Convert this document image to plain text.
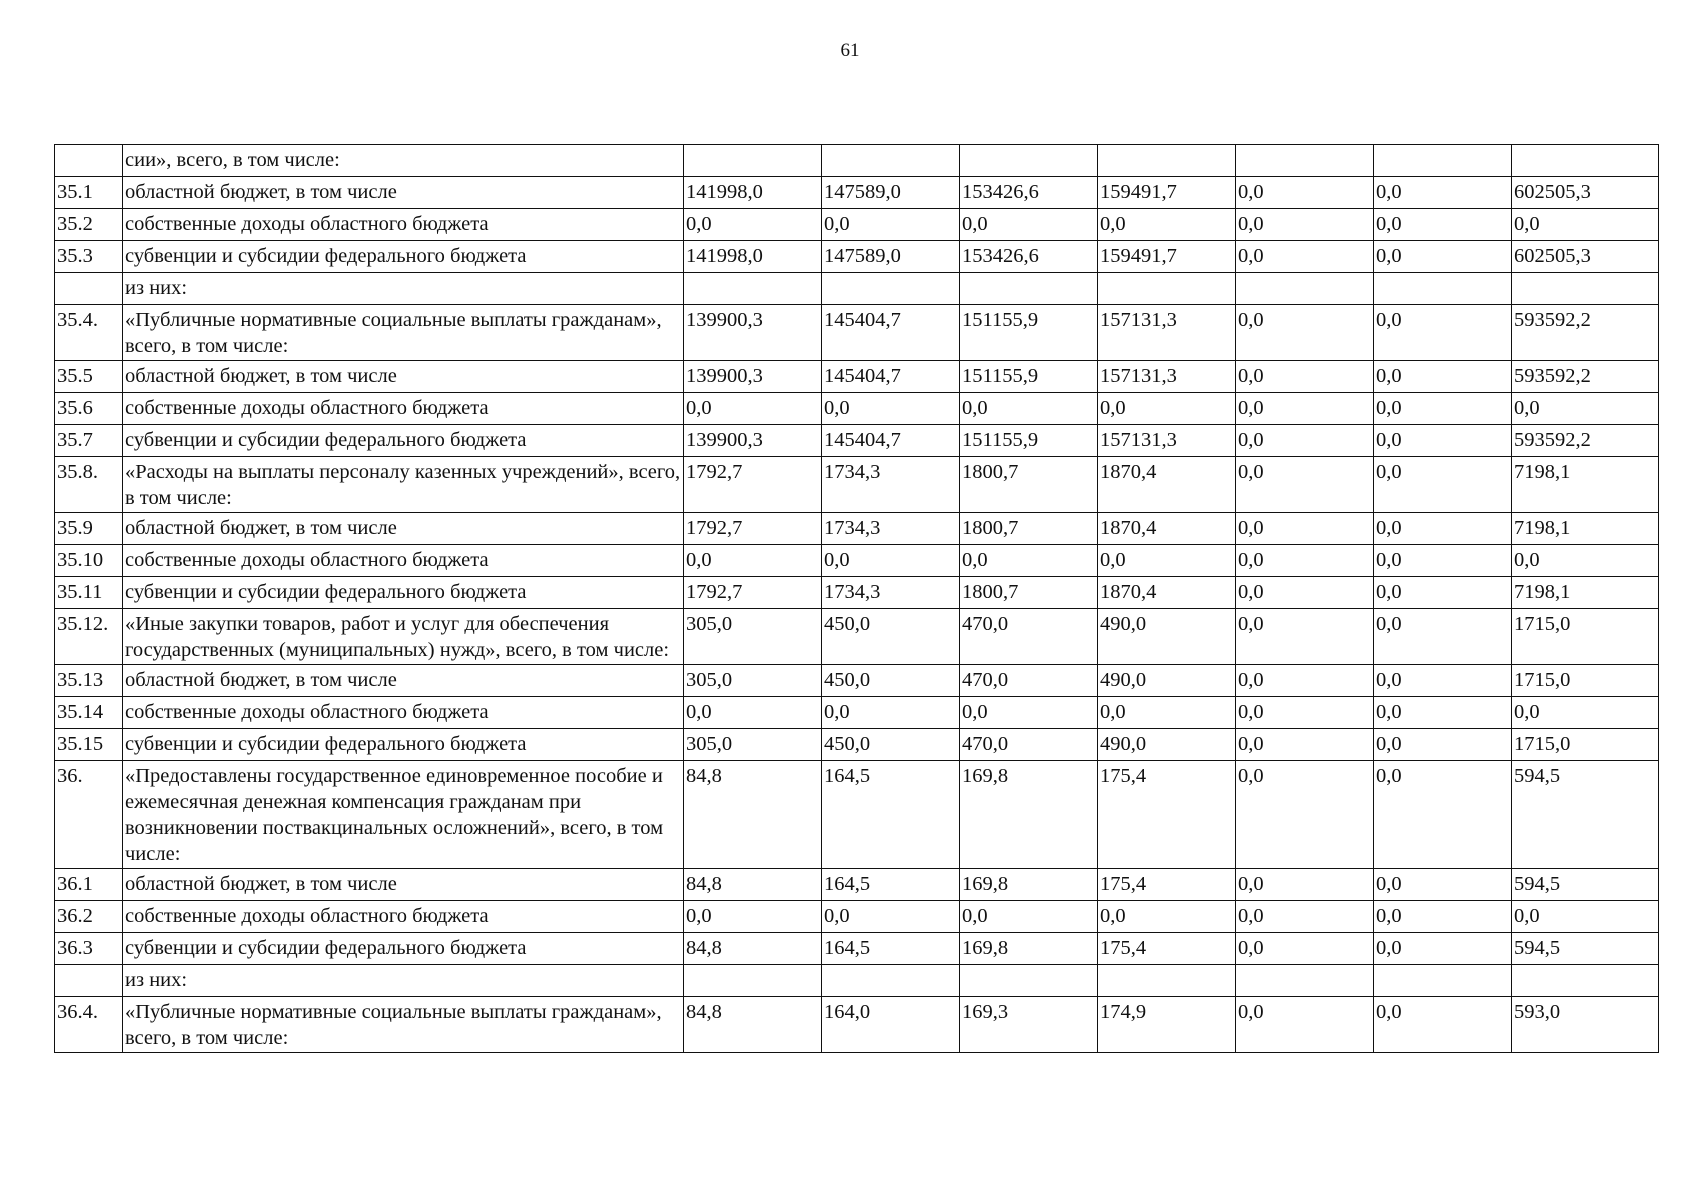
61
	сии», всего, в том числе:							
35.1	областной бюджет, в том числе	141998,0	147589,0	153426,6	159491,7	0,0	0,0	602505,3
35.2	собственные доходы областного бюджета	0,0	0,0	0,0	0,0	0,0	0,0	0,0
35.3	субвенции и субсидии федерального бюджета	141998,0	147589,0	153426,6	159491,7	0,0	0,0	602505,3
	из них:							
35.4.	«Публичные нормативные социальные выплаты гражданам», всего, в том числе:	139900,3	145404,7	151155,9	157131,3	0,0	0,0	593592,2
35.5	областной бюджет, в том числе	139900,3	145404,7	151155,9	157131,3	0,0	0,0	593592,2
35.6	собственные доходы областного бюджета	0,0	0,0	0,0	0,0	0,0	0,0	0,0
35.7	субвенции и субсидии федерального бюджета	139900,3	145404,7	151155,9	157131,3	0,0	0,0	593592,2
35.8.	«Расходы на выплаты персоналу казенных учреждений», всего, в том числе:	1792,7	1734,3	1800,7	1870,4	0,0	0,0	7198,1
35.9	областной бюджет, в том числе	1792,7	1734,3	1800,7	1870,4	0,0	0,0	7198,1
35.10	собственные доходы областного бюджета	0,0	0,0	0,0	0,0	0,0	0,0	0,0
35.11	субвенции и субсидии федерального бюджета	1792,7	1734,3	1800,7	1870,4	0,0	0,0	7198,1
35.12.	«Иные закупки товаров, работ и услуг для обеспечения государственных (муниципальных) нужд», всего, в том числе:	305,0	450,0	470,0	490,0	0,0	0,0	1715,0
35.13	областной бюджет, в том числе	305,0	450,0	470,0	490,0	0,0	0,0	1715,0
35.14	собственные доходы областного бюджета	0,0	0,0	0,0	0,0	0,0	0,0	0,0
35.15	субвенции и субсидии федерального бюджета	305,0	450,0	470,0	490,0	0,0	0,0	1715,0
36.	«Предоставлены государственное единовременное пособие и ежемесячная денежная компенсация гражданам при возникновении поствакцинальных осложнений», всего, в том числе:	84,8	164,5	169,8	175,4	0,0	0,0	594,5
36.1	областной бюджет, в том числе	84,8	164,5	169,8	175,4	0,0	0,0	594,5
36.2	собственные доходы областного бюджета	0,0	0,0	0,0	0,0	0,0	0,0	0,0
36.3	субвенции и субсидии федерального бюджета	84,8	164,5	169,8	175,4	0,0	0,0	594,5
	из них:							
36.4.	«Публичные нормативные социальные выплаты гражданам», всего, в том числе:	84,8	164,0	169,3	174,9	0,0	0,0	593,0
